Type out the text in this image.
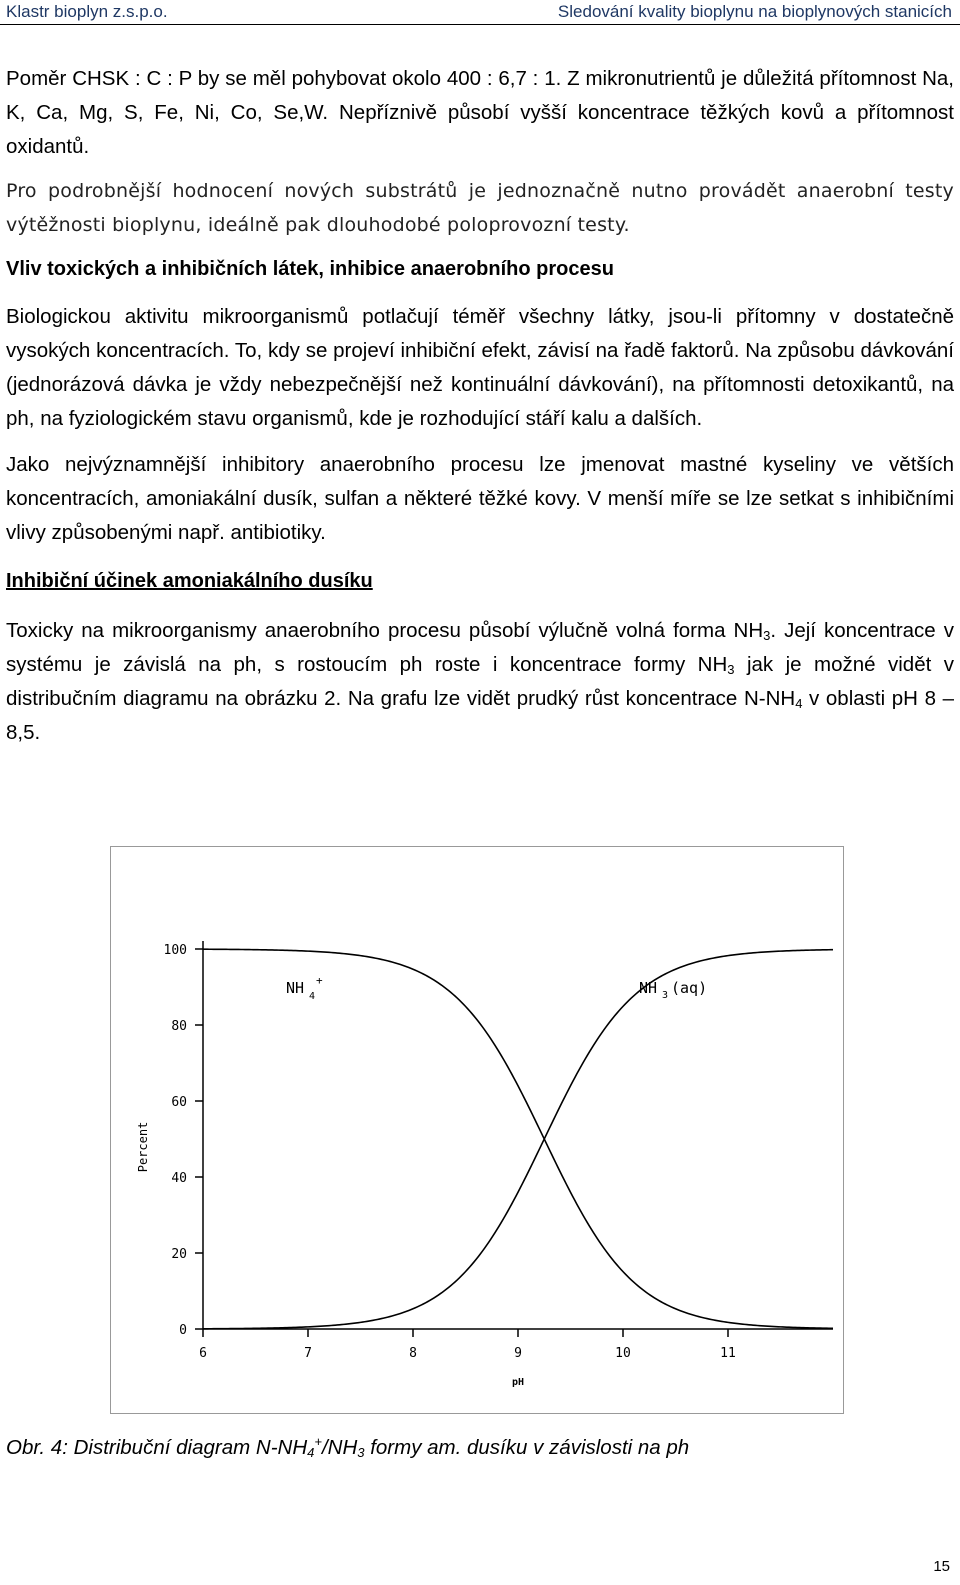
Klastr bioplyn z.s.p.o.	Sledování kvality bioplynu na bioplynových stanicích

Poměr CHSK : C : P by se měl pohybovat okolo 400 : 6,7 : 1. Z mikronutrientů je důležitá přítomnost Na, K, Ca, Mg, S, Fe, Ni, Co, Se,W. Nepříznivě působí vyšší koncentrace těžkých kovů a přítomnost oxidantů.

Pro podrobnější hodnocení nových substrátů je jednoznačně nutno provádět anaerobní testy výtěžnosti bioplynu, ideálně pak dlouhodobé poloprovozní testy.

Vliv toxických a inhibičních látek, inhibice anaerobního procesu

Biologickou aktivitu mikroorganismů potlačují téměř všechny látky, jsou-li přítomny v dostatečně vysokých koncentracích. To, kdy se projeví inhibiční efekt, závisí na řadě faktorů. Na způsobu dávkování (jednorázová dávka je vždy nebezpečnější než kontinuální dávkování), na přítomnosti detoxikantů, na ph, na fyziologickém stavu organismů, kde je rozhodující stáří kalu a dalších.

Jako nejvýznamnější inhibitory anaerobního procesu lze jmenovat mastné kyseliny ve větších koncentracích, amoniakální dusík, sulfan a některé těžké kovy. V menší míře se lze setkat s inhibičními vlivy způsobenými např. antibiotiky.

Inhibiční účinek amoniakálního dusíku

Toxicky na mikroorganismy anaerobního procesu působí výlučně volná forma $NH_3$. Její koncentrace v systému je závislá na ph, s rostoucím ph roste i koncentrace formy $NH_3$ jak je možné vidět v distribučním diagramu na obrázku 2. Na grafu lze vidět prudký růst koncentrace $N-NH_4$ v oblasti pH 8 – 8,5.

0
20
40
60
80
100
6	7	8	9	10	11
pH
Percent
NH 4
+	NH 3 (aq)
Obr. 4: Distribuční diagram $N-NH_4^+/NH_3$ formy am. dusíku v závislosti na ph
15
